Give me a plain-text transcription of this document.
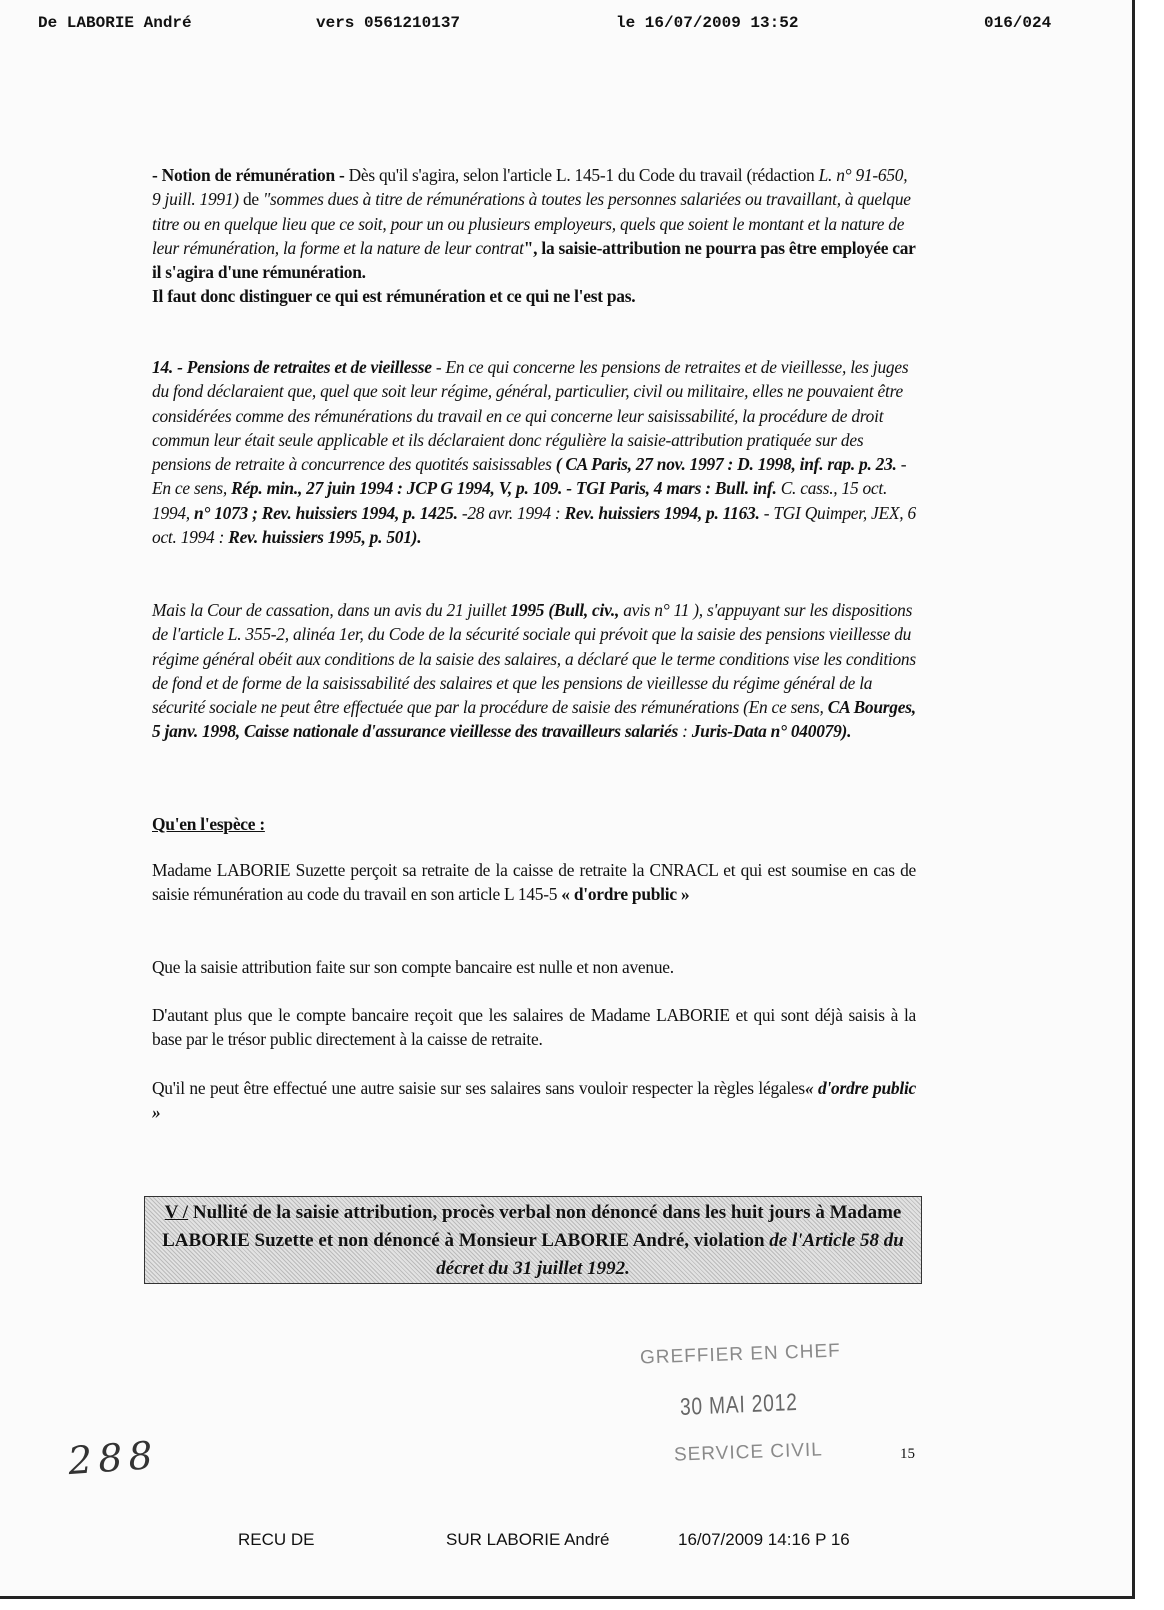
De LABORIE André	vers 0561210137	le 16/07/2009 13:52	016/024
- Notion de rémunération - Dès qu'il s'agira, selon l'article L. 145-1 du Code du travail (rédaction L. n° 91-650, 9 juill. 1991) de "sommes dues à titre de rémunérations à toutes les personnes salariées ou travaillant, à quelque titre ou en quelque lieu que ce soit, pour un ou plusieurs employeurs, quels que soient le montant et la nature de leur rémunération, la forme et la nature de leur contrat", la saisie-attribution ne pourra pas être employée car il s'agira d'une rémunération.
Il faut donc distinguer ce qui est rémunération et ce qui ne l'est pas.
14. - Pensions de retraites et de vieillesse - En ce qui concerne les pensions de retraites et de vieillesse, les juges du fond déclaraient que, quel que soit leur régime, général, particulier, civil ou militaire, elles ne pouvaient être considérées comme des rémunérations du travail en ce qui concerne leur saisissabilité, la procédure de droit commun leur était seule applicable et ils déclaraient donc régulière la saisie-attribution pratiquée sur des pensions de retraite à concurrence des quotités saisissables ( CA Paris, 27 nov. 1997 : D. 1998, inf. rap. p. 23. - En ce sens, Rép. min., 27 juin 1994 : JCP G 1994, V, p. 109. - TGI Paris, 4 mars : Bull. inf. C. cass., 15 oct. 1994, n° 1073 ; Rev. huissiers 1994, p. 1425. -28 avr. 1994 : Rev. huissiers 1994, p. 1163. - TGI Quimper, JEX, 6 oct. 1994 : Rev. huissiers 1995, p. 501).
Mais la Cour de cassation, dans un avis du 21 juillet 1995 (Bull, civ., avis n° 11 ), s'appuyant sur les dispositions de l'article L. 355-2, alinéa 1er, du Code de la sécurité sociale qui prévoit que la saisie des pensions vieillesse du régime général obéit aux conditions de la saisie des salaires, a déclaré que le terme conditions vise les conditions de fond et de forme de la saisissabilité des salaires et que les pensions de vieillesse du régime général de la sécurité sociale ne peut être effectuée que par la procédure de saisie des rémunérations (En ce sens, CA Bourges, 5 janv. 1998, Caisse nationale d'assurance vieillesse des travailleurs salariés : Juris-Data n° 040079).
Qu'en l'espèce :
Madame LABORIE Suzette perçoit sa retraite de la caisse de retraite la CNRACL et qui est soumise en cas de saisie rémunération au code du travail en son article L 145-5 « d'ordre public »
Que la saisie attribution faite sur son compte bancaire est nulle et non avenue.
D'autant plus que le compte bancaire reçoit que les salaires de Madame LABORIE et qui sont déjà saisis à la base par le trésor public directement à la caisse de retraite.
Qu'il ne peut être effectué une autre saisie sur ses salaires sans vouloir respecter la règles légales« d'ordre public »
V / Nullité de la saisie attribution, procès verbal non dénoncé dans les huit jours à Madame LABORIE Suzette et non dénoncé à Monsieur LABORIE André, violation de l'Article 58 du décret du 31 juillet 1992.
GREFFIER EN CHEF
30 MAI 2012
SERVICE CIVIL
288	15
RECU DE	SUR LABORIE André	16/07/2009 14:16 P 16
